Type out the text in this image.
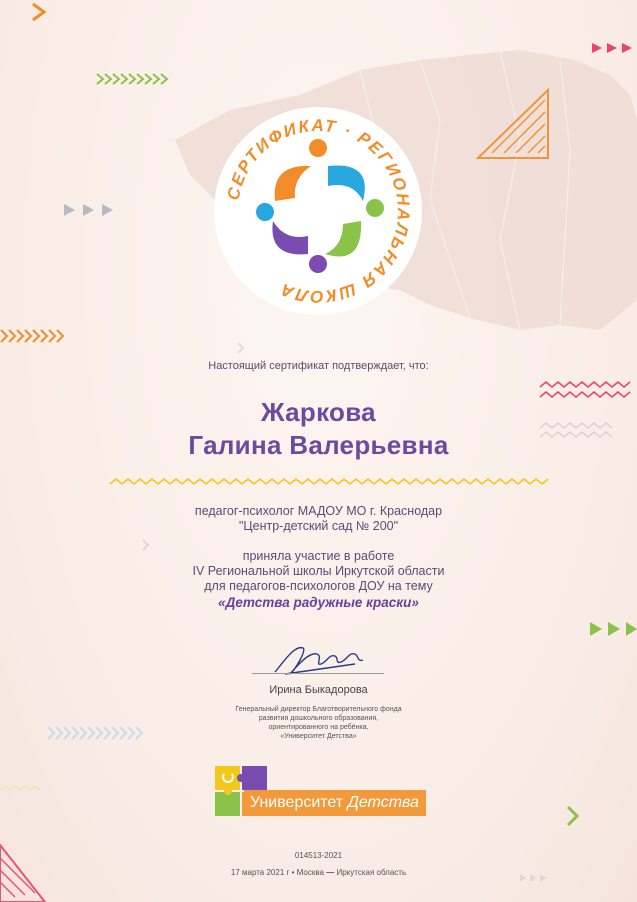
СЕРТИФИКАТ · РЕГИОНАЛЬНАЯ ШКОЛА
Настоящий сертификат подтверждает, что:
Жаркова
Галина Валерьевна
педагог-психолог МАДОУ МО г. Краснодар
"Центр-детский сад № 200"
приняла участие в работе
IV Региональной школы Иркутской области
для педагогов-психологов ДОУ на тему
«Детства радужные краски»
Ирина Быкадорова
Генеральный директор Благотворительного фонда
развития дошкольного образования,
ориентированного на ребёнка,
«Университет Детства»
Университет Детства
014513-2021
17 марта 2021 г • Москва — Иркутская область
